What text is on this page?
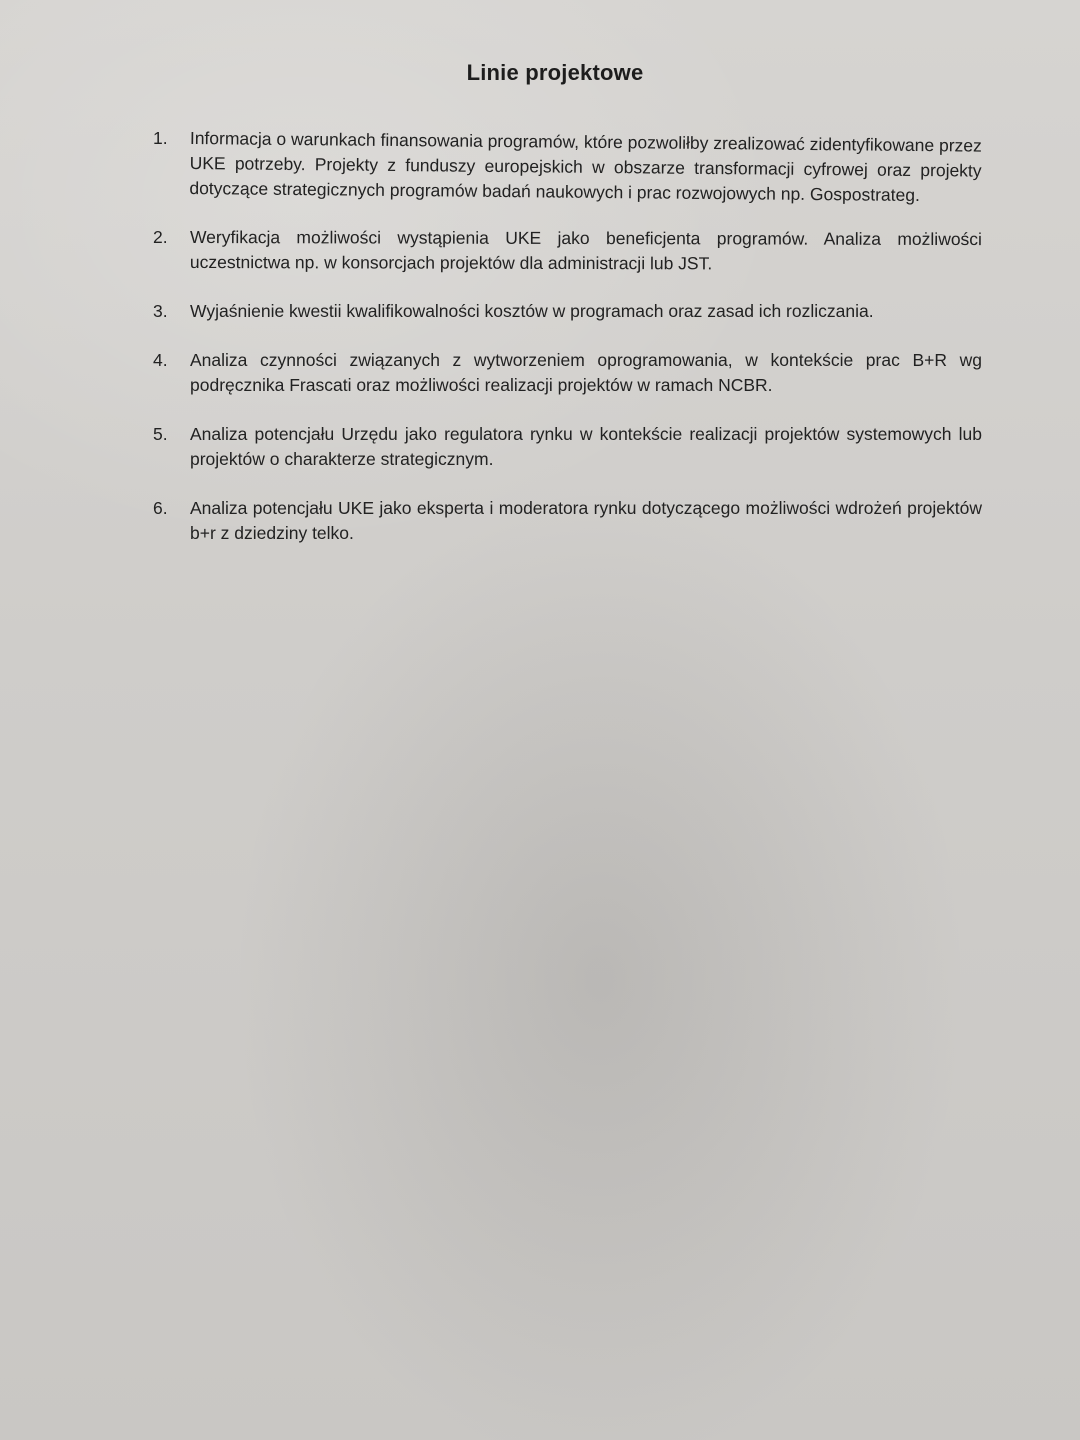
Linie projektowe
1.	Informacja o warunkach finansowania programów, które pozwoliłby zrealizować zidentyfikowane przez UKE potrzeby. Projekty z funduszy europejskich w obszarze transformacji cyfrowej oraz projekty dotyczące strategicznych programów badań naukowych i prac rozwojowych np. Gospostrateg.
2.	Weryfikacja możliwości wystąpienia UKE jako beneficjenta programów. Analiza możliwości uczestnictwa np. w konsorcjach projektów dla administracji lub JST.
3.	Wyjaśnienie kwestii kwalifikowalności kosztów w programach oraz zasad ich rozliczania.
4.	Analiza czynności związanych z wytworzeniem oprogramowania, w kontekście prac B+R wg podręcznika Frascati oraz możliwości realizacji projektów w ramach NCBR.
5.	Analiza potencjału Urzędu jako regulatora rynku w kontekście realizacji projektów systemowych lub projektów o charakterze strategicznym.
6.	Analiza potencjału UKE jako eksperta i moderatora rynku dotyczącego możliwości wdrożeń projektów b+r z dziedziny telko.
